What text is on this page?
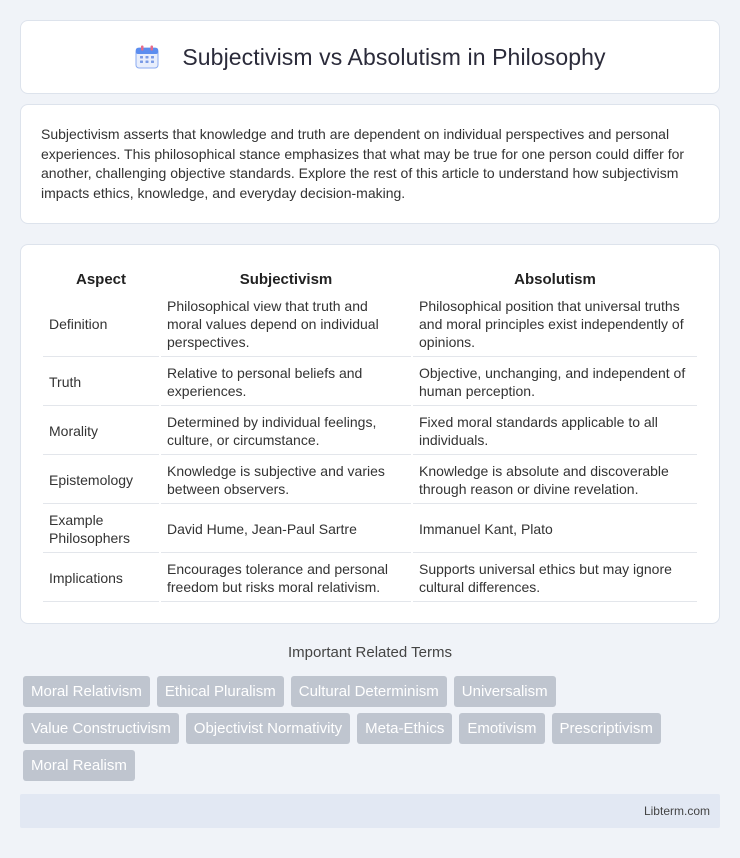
Subjectivism vs Absolutism in Philosophy

Subjectivism asserts that knowledge and truth are dependent on individual perspectives and personal experiences. This philosophical stance emphasizes that what may be true for one person could differ for another, challenging objective standards. Explore the rest of this article to understand how subjectivism impacts ethics, knowledge, and everyday decision-making.

Aspect	Subjectivism	Absolutism
Definition	Philosophical view that truth and moral values depend on individual perspectives.	Philosophical position that universal truths and moral principles exist independently of opinions.
Truth	Relative to personal beliefs and experiences.	Objective, unchanging, and independent of human perception.
Morality	Determined by individual feelings, culture, or circumstance.	Fixed moral standards applicable to all individuals.
Epistemology	Knowledge is subjective and varies between observers.	Knowledge is absolute and discoverable through reason or divine revelation.
Example Philosophers	David Hume, Jean-Paul Sartre	Immanuel Kant, Plato
Implications	Encourages tolerance and personal freedom but risks moral relativism.	Supports universal ethics but may ignore cultural differences.
Important Related Terms
Moral Relativism	Ethical Pluralism	Cultural Determinism	Universalism
Value Constructivism	Objectivist Normativity	Meta-Ethics	Emotivism	Prescriptivism
Moral Realism
Libterm.com
